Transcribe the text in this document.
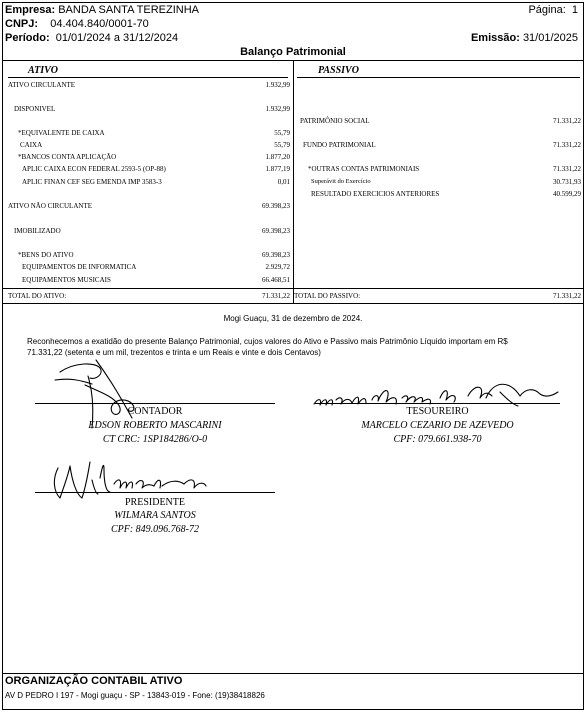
Empresa: BANDA SANTA TEREZINHA	Página: 1
CNPJ: 04.404.840/0001-70
Período: 01/01/2024 a 31/12/2024	Emissão: 31/01/2025
Balanço Patrimonial
ATIVO	PASSIVO
ATIVO CIRCULANTE	1.932,99
DISPONIVEL	1.932,99
*EQUIVALENTE DE CAIXA	55,79
CAIXA	55,79
*BANCOS CONTA APLICAÇÃO	1.877,20
APLIC CAIXA ECON FEDERAL 2593-5 (OP-88)	1.877,19
APLIC FINAN CEF SEG EMENDA IMP 3583-3	0,01
ATIVO NÃO CIRCULANTE	69.398,23
IMOBILIZADO	69.398,23
*BENS DO ATIVO	69.398,23
EQUIPAMENTOS DE INFORMATICA	2.929,72
EQUIPAMENTOS MUSICAIS	66.468,51
PATRIMÔNIO SOCIAL	71.331,22
FUNDO PATRIMONIAL	71.331,22
*OUTRAS CONTAS PATRIMONIAIS	71.331,22
Superávit do Exercício	30.731,93
RESULTADO EXERCICIOS ANTERIORES	40.599,29
TOTAL DO ATIVO:	71.331,22 TOTAL DO PASSIVO:	71.331,22
Mogi Guaçu, 31 de dezembro de 2024.
Reconhecemos a exatidão do presente Balanço Patrimonial, cujos valores do Ativo e Passivo mais Patrimônio Líquido importam em R$
71.331,22 (setenta e um mil, trezentos e trinta e um Reais e vinte e dois Centavos)
CONTADOR
EDSON ROBERTO MASCARINI
CT CRC: 1SP184286/O-0
TESOUREIRO
MARCELO CEZARIO DE AZEVEDO
CPF: 079.661.938-70
PRESIDENTE
WILMARA SANTOS
CPF: 849.096.768-72
ORGANIZAÇÃO CONTABIL ATIVO
AV D PEDRO I 197 - Mogi guaçu - SP - 13843-019 - Fone: (19)38418826
